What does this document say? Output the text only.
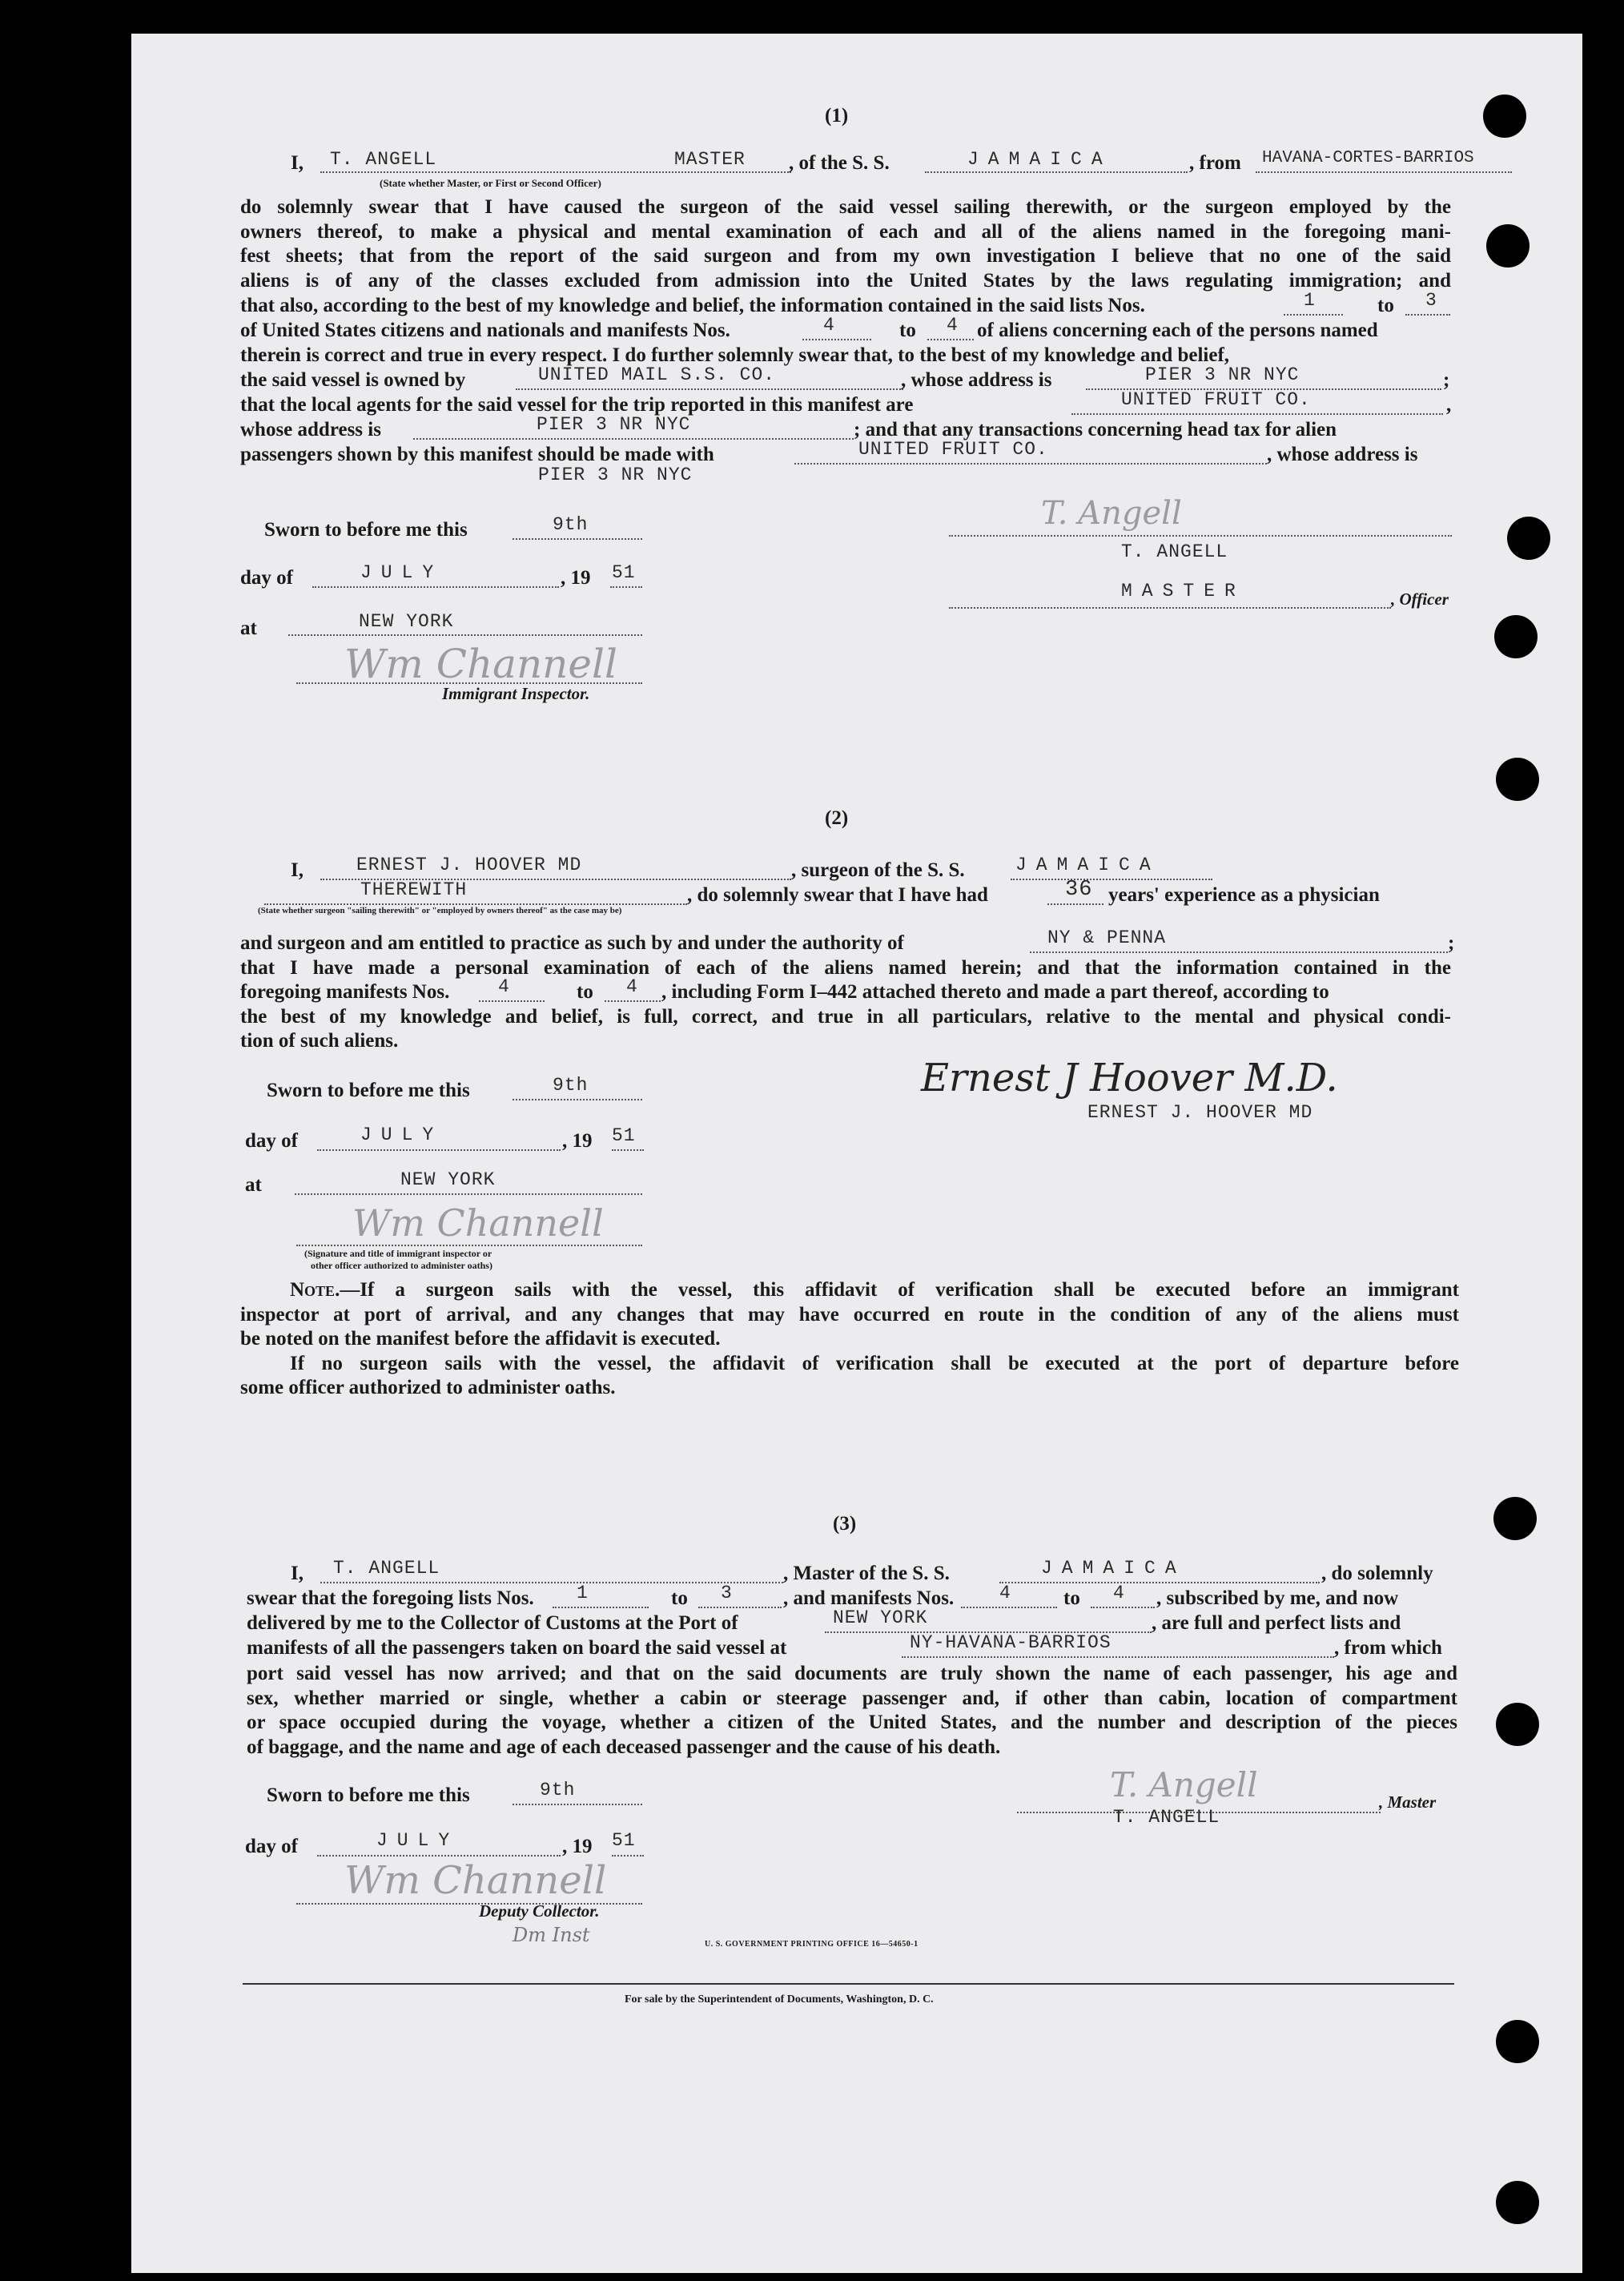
(1)
I, T. ANGELL	MASTER , of the S. S.	JAMAICA	, from HAVANA-CORTES-BARRIOS
(State whether Master, or First or Second Officer)
do solemnly swear that I have caused the surgeon of the said vessel sailing therewith, or the surgeon employed by the
owners thereof, to make a physical and mental examination of each and all of the aliens named in the foregoing mani-
fest sheets; that from the report of the said surgeon and from my own investigation I believe that no one of the said
aliens is of any of the classes excluded from admission into the United States by the laws regulating immigration; and
that also, according to the best of my knowledge and belief, the information contained in the said lists Nos.	1	to 3
of United States citizens and nationals and manifests Nos.	4	to 4 of aliens concerning each of the persons named
therein is correct and true in every respect. I do further solemnly swear that, to the best of my knowledge and belief,
the said vessel is owned by	UNITED MAIL S.S. CO.	, whose address is	PIER 3 NR NYC	;
that the local agents for the said vessel for the trip reported in this manifest are	UNITED FRUIT CO.	,
whose address is	PIER 3 NR NYC	; and that any transactions concerning head tax for alien
passengers shown by this manifest should be made with	UNITED FRUIT CO.	, whose address is
PIER 3 NR NYC
Sworn to before me this	9th
day of	JULY	, 19 51
at	NEW YORK
Wm Channell
Immigrant Inspector.
T. Angell
T. ANGELL
MASTER	, Officer
(2)
I,	ERNEST J. HOOVER MD	, surgeon of the S. S.	JAMAICA
THEREWITH	, do solemnly swear that I have had	36 years' experience as a physician
(State whether surgeon "sailing therewith" or "employed by owners thereof" as the case may be)
and surgeon and am entitled to practice as such by and under the authority of	NY & PENNA	;
that I have made a personal examination of each of the aliens named herein; and that the information contained in the
foregoing manifests Nos.	4	to 4 , including Form I–442 attached thereto and made a part thereof, according to
the best of my knowledge and belief, is full, correct, and true in all particulars, relative to the mental and physical condi-
tion of such aliens.
Sworn to before me this	9th
day of	JULY	, 19 51
at	NEW YORK
Wm Channell
(Signature and title of immigrant inspector or
other officer authorized to administer oaths)
Ernest J Hoover M.D.
ERNEST J. HOOVER MD
Note.—If a surgeon sails with the vessel, this affidavit of verification shall be executed before an immigrant
inspector at port of arrival, and any changes that may have occurred en route in the condition of any of the aliens must
be noted on the manifest before the affidavit is executed.
If no surgeon sails with the vessel, the affidavit of verification shall be executed at the port of departure before
some officer authorized to administer oaths.
(3)
I, T. ANGELL	, Master of the S. S.	JAMAICA	, do solemnly
swear that the foregoing lists Nos. 1	to 3	, and manifests Nos. 4	to 4 , subscribed by me, and now
delivered by me to the Collector of Customs at the Port of	NEW YORK	, are full and perfect lists and
manifests of all the passengers taken on board the said vessel at	NY-HAVANA-BARRIOS	, from which
port said vessel has now arrived; and that on the said documents are truly shown the name of each passenger, his age and
sex, whether married or single, whether a cabin or steerage passenger and, if other than cabin, location of compartment
or space occupied during the voyage, whether a citizen of the United States, and the number and description of the pieces
of baggage, and the name and age of each deceased passenger and the cause of his death.
Sworn to before me this	9th
day of	JULY	, 19 51
Wm Channell
Deputy Collector.
Dm Inst
T. Angell	, Master
T. ANGELL
U. S. GOVERNMENT PRINTING OFFICE 16—54650-1
For sale by the Superintendent of Documents, Washington, D. C.
